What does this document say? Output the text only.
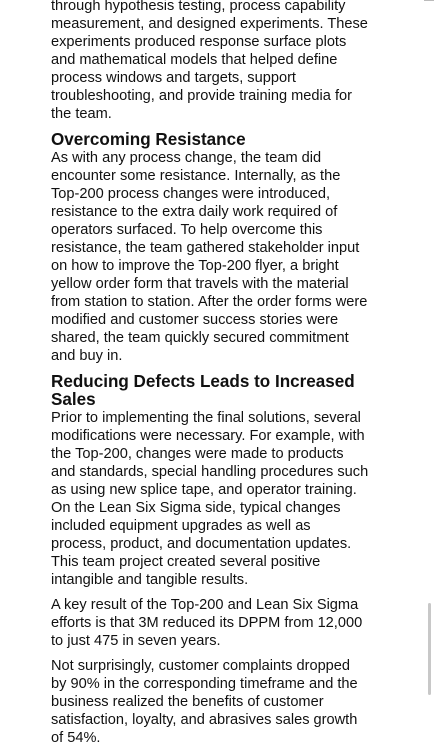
through hypothesis testing, process capability measurement, and designed experiments. These experiments produced response surface plots and mathematical models that helped define process windows and targets, support troubleshooting, and provide training media for the team.

Overcoming Resistance

As with any process change, the team did encounter some resistance. Internally, as the Top-200 process changes were introduced, resistance to the extra daily work required of operators surfaced. To help overcome this resistance, the team gathered stakeholder input on how to improve the Top-200 flyer, a bright yellow order form that travels with the material from station to station. After the order forms were modified and customer success stories were shared, the team quickly secured commitment and buy in.

Reducing Defects Leads to Increased Sales

Prior to implementing the final solutions, several modifications were necessary. For example, with the Top-200, changes were made to products and standards, special handling procedures such as using new splice tape, and operator training. On the Lean Six Sigma side, typical changes included equipment upgrades as well as process, product, and documentation updates. This team project created several positive intangible and tangible results.

A key result of the Top-200 and Lean Six Sigma efforts is that 3M reduced its DPPM from 12,000 to just 475 in seven years.

Not surprisingly, customer complaints dropped by 90% in the corresponding timeframe and the business realized the benefits of customer satisfaction, loyalty, and abrasives sales growth of 54%.
